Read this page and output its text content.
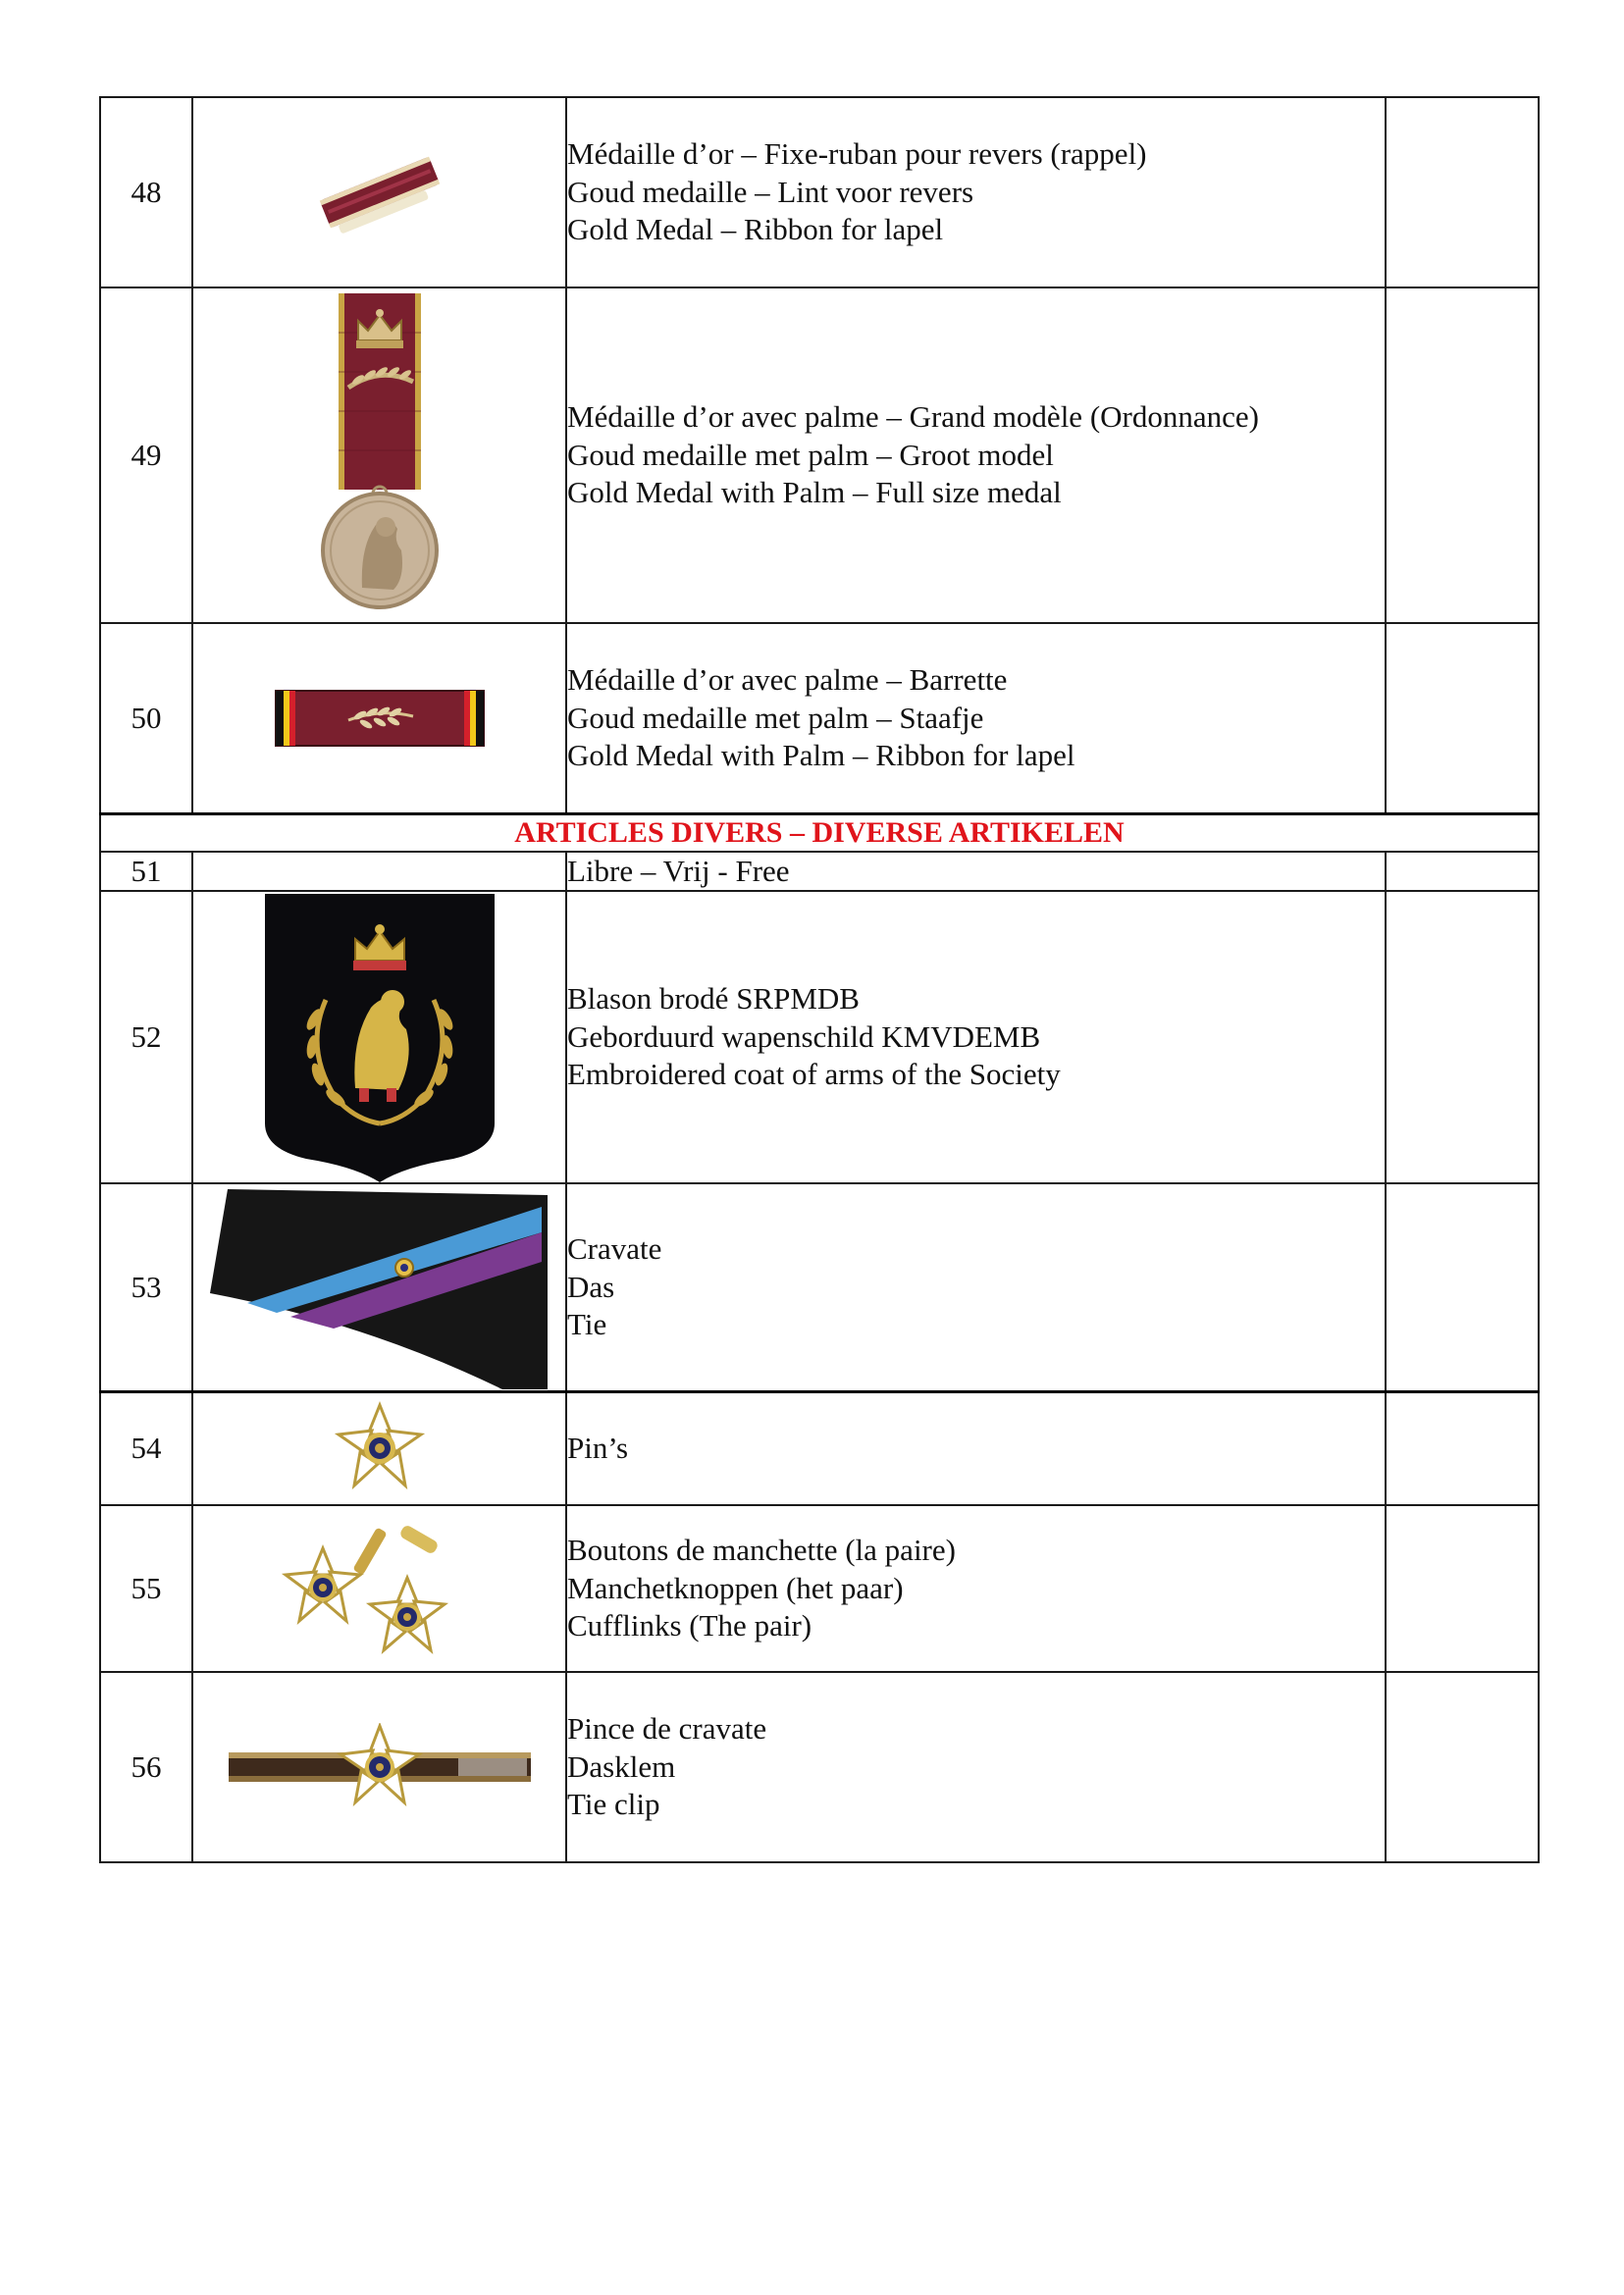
48		Médaille d’or – Fixe-ruban pour revers (rappel)
Goud medaille – Lint voor revers
Gold Medal – Ribbon for lapel	

49		Médaille d’or avec palme – Grand modèle (Ordonnance)
Goud medaille met palm – Groot model
Gold Medal with Palm – Full size medal	

50		Médaille d’or avec palme – Barrette
Goud medaille met palm – Staafje
Gold Medal with Palm – Ribbon for lapel	

ARTICLES DIVERS – DIVERSE ARTIKELEN			
51		Libre – Vrij - Free	

52		Blason brodé SRPMDB
Geborduurd wapenschild KMVDEMB
Embroidered coat of arms of the Society	

53		Cravate
Das
Tie	

54		Pin’s	

55		Boutons de manchette (la paire)
Manchetknoppen (het paar)
Cufflinks (The pair)	

56		Pince de cravate
Dasklem
Tie clip	
